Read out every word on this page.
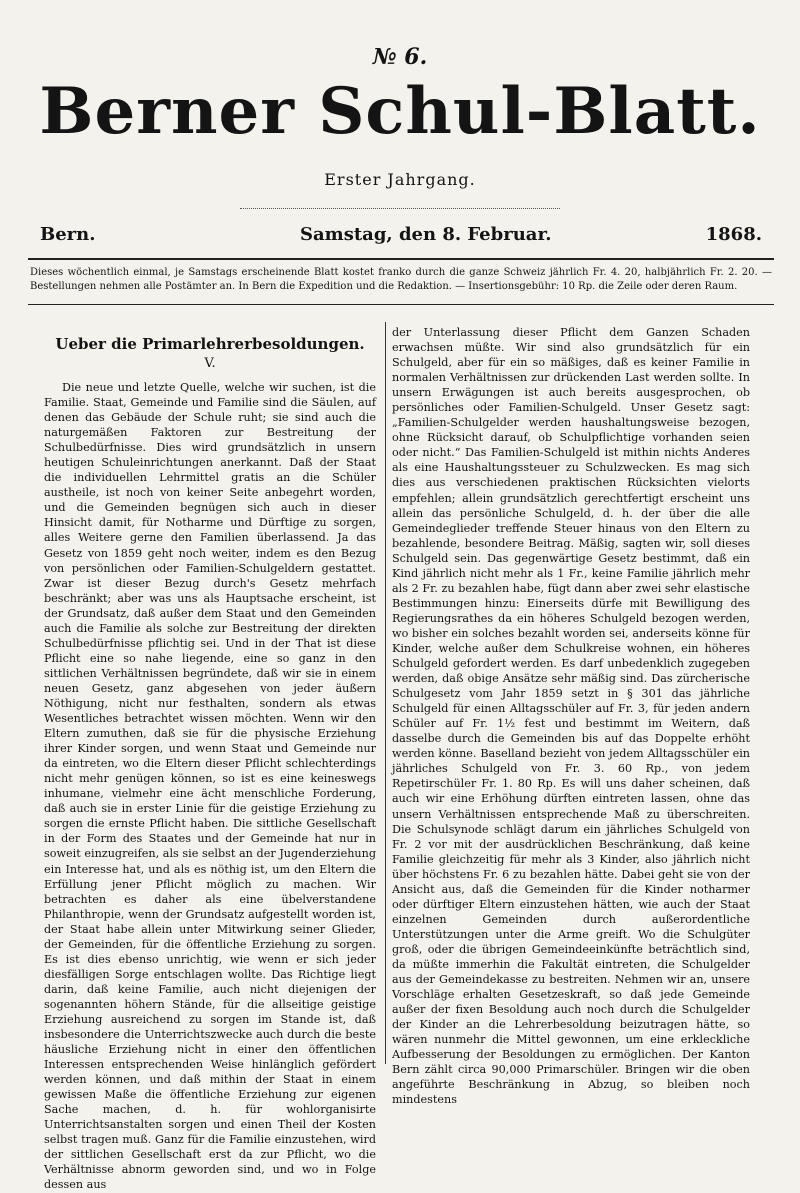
№ 6.
Berner Schul-Blatt.
Erster Jahrgang.
Bern.	Samstag, den 8. Februar.	1868.
Dieses wöchentlich einmal, je Samstags erscheinende Blatt kostet franko durch die ganze Schweiz jährlich Fr. 4. 20, halbjährlich Fr. 2. 20. — Bestellungen nehmen alle Postämter an. In Bern die Expedition und die Redaktion. — Insertionsgebühr: 10 Rp. die Zeile oder deren Raum.
Ueber die Primarlehrerbesoldungen.
V.

Die neue und letzte Quelle, welche wir suchen, ist die Familie. Staat, Gemeinde und Familie sind die Säulen, auf denen das Gebäude der Schule ruht; sie sind auch die naturgemäßen Faktoren zur Bestreitung der Schulbedürfnisse. Dies wird grundsätzlich in unsern heutigen Schuleinrichtungen anerkannt. Daß der Staat die individuellen Lehrmittel gratis an die Schüler austheile, ist noch von keiner Seite anbegehrt worden, und die Gemeinden begnügen sich auch in dieser Hinsicht damit, für Notharme und Dürftige zu sorgen, alles Weitere gerne den Familien überlassend. Ja das Gesetz von 1859 geht noch weiter, indem es den Bezug von persönlichen oder Familien-Schulgeldern gestattet. Zwar ist dieser Bezug durch's Gesetz mehrfach beschränkt; aber was uns als Hauptsache erscheint, ist der Grundsatz, daß außer dem Staat und den Gemeinden auch die Familie als solche zur Bestreitung der direkten Schulbedürfnisse pflichtig sei. Und in der That ist diese Pflicht eine so nahe liegende, eine so ganz in den sittlichen Verhältnissen begründete, daß wir sie in einem neuen Gesetz, ganz abgesehen von jeder äußern Nöthigung, nicht nur festhalten, sondern als etwas Wesentliches betrachtet wissen möchten. Wenn wir den Eltern zumuthen, daß sie für die physische Erziehung ihrer Kinder sorgen, und wenn Staat und Gemeinde nur da eintreten, wo die Eltern dieser Pflicht schlechterdings nicht mehr genügen können, so ist es eine keineswegs inhumane, vielmehr eine ächt menschliche Forderung, daß auch sie in erster Linie für die geistige Erziehung zu sorgen die ernste Pflicht haben. Die sittliche Gesellschaft in der Form des Staates und der Gemeinde hat nur in soweit einzugreifen, als sie selbst an der Jugenderziehung ein Interesse hat, und als es nöthig ist, um den Eltern die Erfüllung jener Pflicht möglich zu machen. Wir betrachten es daher als eine übelverstandene Philanthropie, wenn der Grundsatz aufgestellt worden ist, der Staat habe allein unter Mitwirkung seiner Glieder, der Gemeinden, für die öffentliche Erziehung zu sorgen. Es ist dies ebenso unrichtig, wie wenn er sich jeder diesfälligen Sorge entschlagen wollte. Das Richtige liegt darin, daß keine Familie, auch nicht diejenigen der sogenannten höhern Stände, für die allseitige geistige Erziehung ausreichend zu sorgen im Stande ist, daß insbesondere die Unterrichtszwecke auch durch die beste häusliche Erziehung nicht in einer den öffentlichen Interessen entsprechenden Weise hinlänglich gefördert werden können, und daß mithin der Staat in einem gewissen Maße die öffentliche Erziehung zur eigenen Sache machen, d. h. für wohlorganisirte Unterrichtsanstalten sorgen und einen Theil der Kosten selbst tragen muß. Ganz für die Familie einzustehen, wird der sittlichen Gesellschaft erst da zur Pflicht, wo die Verhältnisse abnorm geworden sind, und wo in Folge dessen aus

der Unterlassung dieser Pflicht dem Ganzen Schaden erwachsen müßte. Wir sind also grundsätzlich für ein Schulgeld, aber für ein so mäßiges, daß es keiner Familie in normalen Verhältnissen zur drückenden Last werden sollte. In unsern Erwägungen ist auch bereits ausgesprochen, ob persönliches oder Familien-Schulgeld. Unser Gesetz sagt: „Familien-Schulgelder werden haushaltungsweise bezogen, ohne Rücksicht darauf, ob Schulpflichtige vorhanden seien oder nicht.“ Das Familien-Schulgeld ist mithin nichts Anderes als eine Haushaltungssteuer zu Schulzwecken. Es mag sich dies aus verschiedenen praktischen Rücksichten vielorts empfehlen; allein grundsätzlich gerechtfertigt erscheint uns allein das persönliche Schulgeld, d. h. der über die alle Gemeindeglieder treffende Steuer hinaus von den Eltern zu bezahlende, besondere Beitrag. Mäßig, sagten wir, soll dieses Schulgeld sein. Das gegenwärtige Gesetz bestimmt, daß ein Kind jährlich nicht mehr als 1 Fr., keine Familie jährlich mehr als 2 Fr. zu bezahlen habe, fügt dann aber zwei sehr elastische Bestimmungen hinzu: Einerseits dürfe mit Bewilligung des Regierungsrathes da ein höheres Schulgeld bezogen werden, wo bisher ein solches bezahlt worden sei, anderseits könne für Kinder, welche außer dem Schulkreise wohnen, ein höheres Schulgeld gefordert werden. Es darf unbedenklich zugegeben werden, daß obige Ansätze sehr mäßig sind. Das zürcherische Schulgesetz vom Jahr 1859 setzt in § 301 das jährliche Schulgeld für einen Alltagsschüler auf Fr. 3, für jeden andern Schüler auf Fr. 1½ fest und bestimmt im Weitern, daß dasselbe durch die Gemeinden bis auf das Doppelte erhöht werden könne. Baselland bezieht von jedem Alltagsschüler ein jährliches Schulgeld von Fr. 3. 60 Rp., von jedem Repetirschüler Fr. 1. 80 Rp. Es will uns daher scheinen, daß auch wir eine Erhöhung dürften eintreten lassen, ohne das unsern Verhältnissen entsprechende Maß zu überschreiten. Die Schulsynode schlägt darum ein jährliches Schulgeld von Fr. 2 vor mit der ausdrücklichen Beschränkung, daß keine Familie gleichzeitig für mehr als 3 Kinder, also jährlich nicht über höchstens Fr. 6 zu bezahlen hätte. Dabei geht sie von der Ansicht aus, daß die Gemeinden für die Kinder notharmer oder dürftiger Eltern einzustehen hätten, wie auch der Staat einzelnen Gemeinden durch außerordentliche Unterstützungen unter die Arme greift. Wo die Schulgüter groß, oder die übrigen Gemeindeeinkünfte beträchtlich sind, da müßte immerhin die Fakultät eintreten, die Schulgelder aus der Gemeindekasse zu bestreiten. Nehmen wir an, unsere Vorschläge erhalten Gesetzeskraft, so daß jede Gemeinde außer der fixen Besoldung auch noch durch die Schulgelder der Kinder an die Lehrerbesoldung beizutragen hätte, so wären nunmehr die Mittel gewonnen, um eine erkleckliche Aufbesserung der Besoldungen zu ermöglichen. Der Kanton Bern zählt circa 90,000 Primarschüler. Bringen wir die oben angeführte Beschränkung in Abzug, so bleiben noch mindestens
